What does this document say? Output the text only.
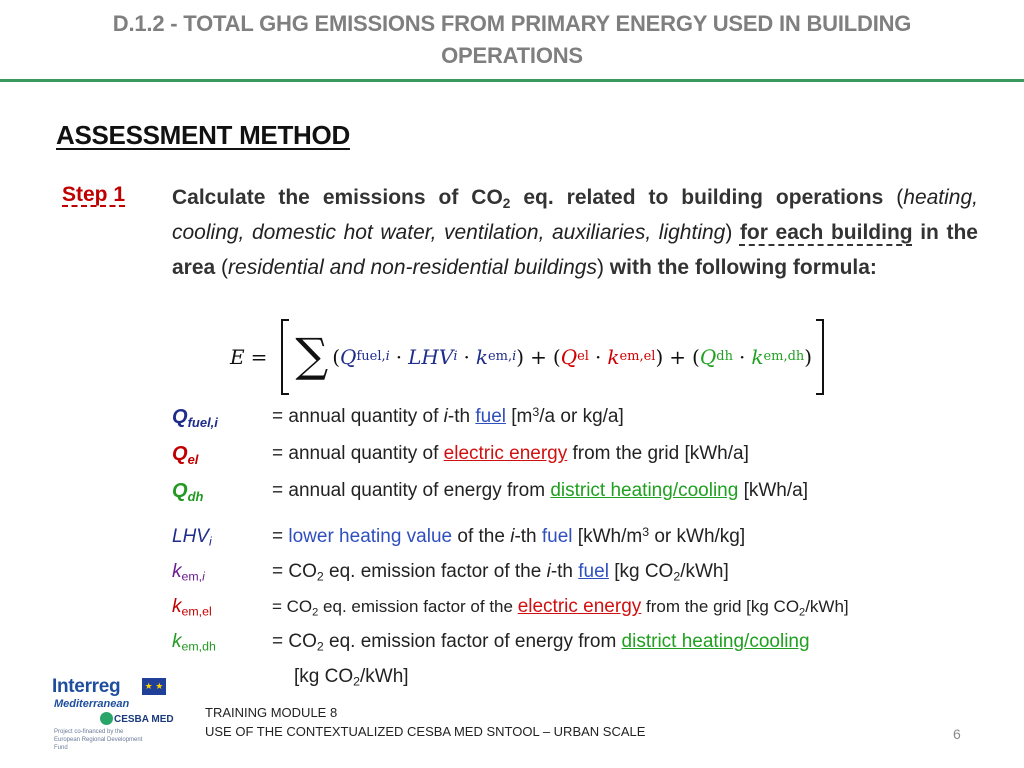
D.1.2 - TOTAL GHG EMISSIONS FROM PRIMARY ENERGY USED IN BUILDING
OPERATIONS
ASSESSMENT METHOD
Step 1 Calculate the emissions of $CO_2$ eq. related to building operations (heating, cooling, domestic hot water, ventilation, auxiliaries, lighting) for each building in the area (residential and non-residential buildings) with the following formula:
E = ∑ ( Q fuel,i · LHV i · k em,i ) + ( Q el · k em,el ) + ( Q dh · k em,dh )
$Q_{fuel,i}$	= annual quantity of i-th fuel [$m^3/a$ or kg/a]
$Q_{el}$	= annual quantity of electric energy from the grid [kWh/a]
$Q_{dh}$	= annual quantity of energy from district heating/cooling [kWh/a]
$LHV_i$	= lower heating value of the i-th fuel [$kWh/m^3$ or kWh/kg]
$k_{em,i}$	= $CO_2$ eq. emission factor of the i-th fuel [kg $CO_2/kWh$]
$k_{em,el}$	= $CO_2$ eq. emission factor of the electric energy from the grid [kg $CO_2/kWh$]
$k_{em,dh}$	= $CO_2$ eq. emission factor of energy from district heating/cooling
[kg $CO_2/kWh$]
Interreg	★ ★
Mediterranean
CESBA MED
Project co-financed by the European Regional Development Fund
TRAINING MODULE 8
USE OF THE CONTEXTUALIZED CESBA MED SNTOOL – URBAN SCALE	6
